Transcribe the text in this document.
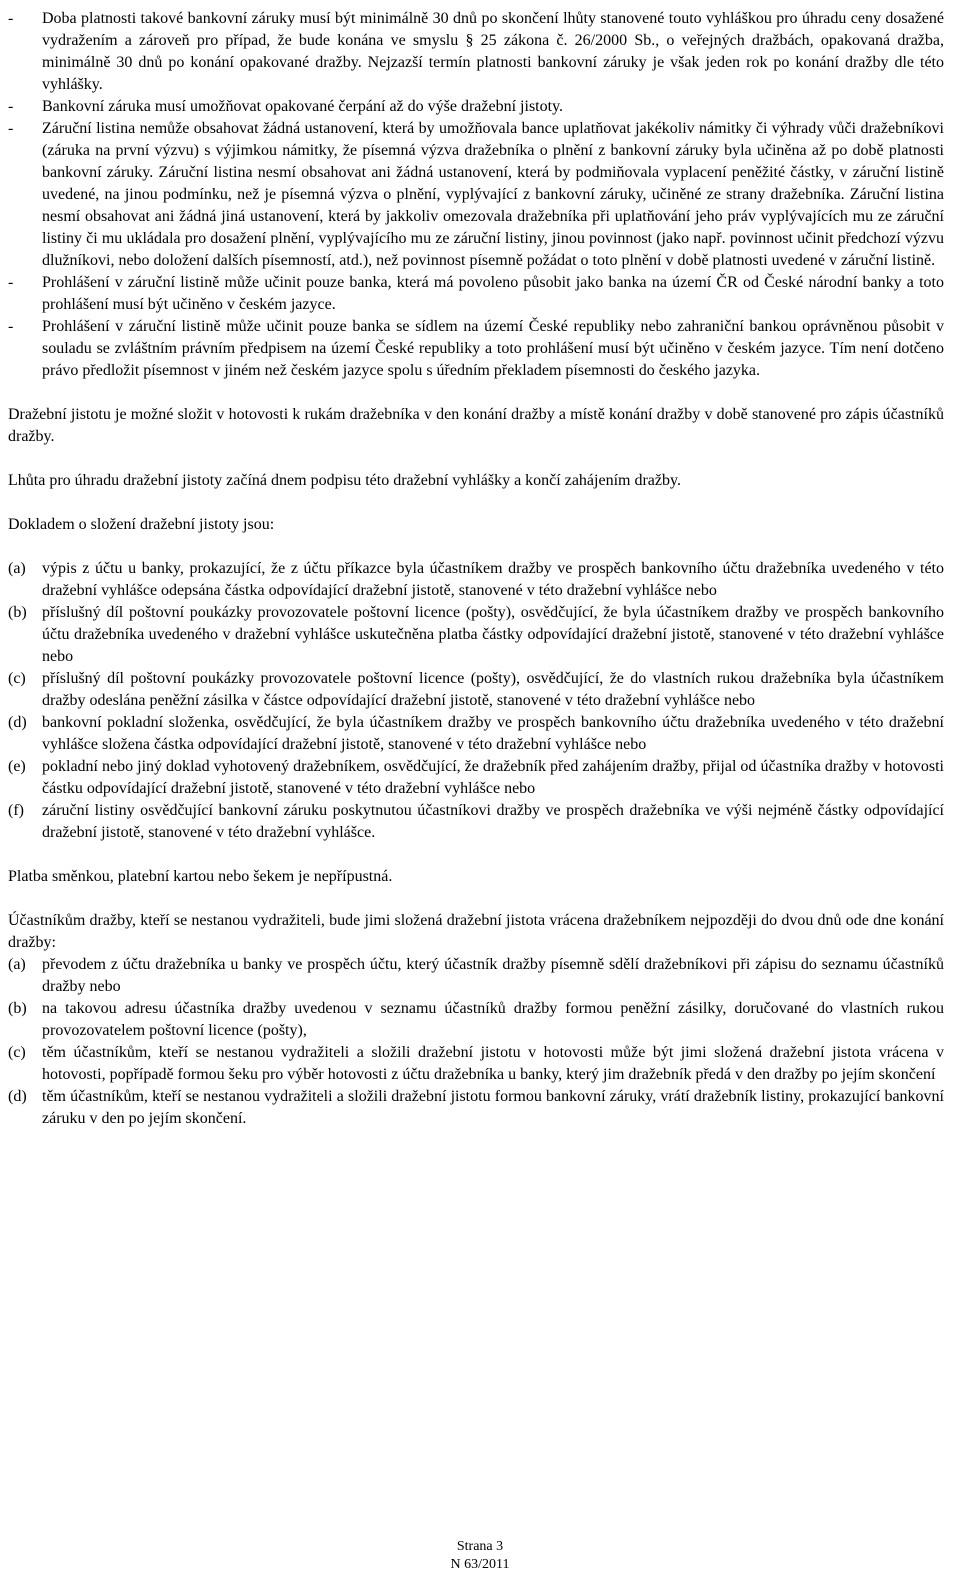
-	Doba platnosti takové bankovní záruky musí být minimálně 30 dnů po skončení lhůty stanovené touto vyhláškou pro úhradu ceny dosažené vydražením a zároveň pro případ, že bude konána ve smyslu § 25 zákona č. 26/2000 Sb., o veřejných dražbách, opakovaná dražba, minimálně 30 dnů po konání opakované dražby. Nejzazší termín platnosti bankovní záruky je však jeden rok po konání dražby dle této vyhlášky.
-	Bankovní záruka musí umožňovat opakované čerpání až do výše dražební jistoty.
-	Záruční listina nemůže obsahovat žádná ustanovení, která by umožňovala bance uplatňovat jakékoliv námitky či výhrady vůči dražebníkovi (záruka na první výzvu) s výjimkou námitky, že písemná výzva dražebníka o plnění z bankovní záruky byla učiněna až po době platnosti bankovní záruky. Záruční listina nesmí obsahovat ani žádná ustanovení, která by podmiňovala vyplacení peněžité částky, v záruční listině uvedené, na jinou podmínku, než je písemná výzva o plnění, vyplývající z bankovní záruky, učiněné ze strany dražebníka. Záruční listina nesmí obsahovat ani žádná jiná ustanovení, která by jakkoliv omezovala dražebníka při uplatňování jeho práv vyplývajících mu ze záruční listiny či mu ukládala pro dosažení plnění, vyplývajícího mu ze záruční listiny, jinou povinnost (jako např. povinnost učinit předchozí výzvu dlužníkovi, nebo doložení dalších písemností, atd.), než povinnost písemně požádat o toto plnění v době platnosti uvedené v záruční listině.
-	Prohlášení v záruční listině může učinit pouze banka, která má povoleno působit jako banka na území ČR od České národní banky a toto prohlášení musí být učiněno v českém jazyce.
-	Prohlášení v záruční listině může učinit pouze banka se sídlem na území České republiky nebo zahraniční bankou oprávněnou působit v souladu se zvláštním právním předpisem na území České republiky a toto prohlášení musí být učiněno v českém jazyce. Tím není dotčeno právo předložit písemnost v jiném než českém jazyce spolu s úředním překladem písemnosti do českého jazyka.

Dražební jistotu je možné složit v hotovosti k rukám dražebníka v den konání dražby a místě konání dražby v době stanovené pro zápis účastníků dražby.

Lhůta pro úhradu dražební jistoty začíná dnem podpisu této dražební vyhlášky a končí zahájením dražby.

Dokladem o složení dražební jistoty jsou:

(a)	výpis z účtu u banky, prokazující, že z účtu příkazce byla účastníkem dražby ve prospěch bankovního účtu dražebníka uvedeného v této dražební vyhlášce odepsána částka odpovídající dražební jistotě, stanovené v této dražební vyhlášce nebo
(b) příslušný díl poštovní poukázky provozovatele poštovní licence (pošty), osvědčující, že byla účastníkem dražby ve prospěch bankovního účtu dražebníka uvedeného v dražební vyhlášce uskutečněna platba částky odpovídající dražební jistotě, stanovené v této dražební vyhlášce nebo
(c)	příslušný díl poštovní poukázky provozovatele poštovní licence (pošty), osvědčující, že do vlastních rukou dražebníka byla účastníkem dražby odeslána peněžní zásilka v částce odpovídající dražební jistotě, stanovené v této dražební vyhlášce nebo
(d) bankovní pokladní složenka, osvědčující, že byla účastníkem dražby ve prospěch bankovního účtu dražebníka uvedeného v této dražební vyhlášce složena částka odpovídající dražební jistotě, stanovené v této dražební vyhlášce nebo
(e)	pokladní nebo jiný doklad vyhotovený dražebníkem, osvědčující, že dražebník před zahájením dražby, přijal od účastníka dražby v hotovosti částku odpovídající dražební jistotě, stanovené v této dražební vyhlášce nebo
(f)	záruční listiny osvědčující bankovní záruku poskytnutou účastníkovi dražby ve prospěch dražebníka ve výši nejméně částky odpovídající dražební jistotě, stanovené v této dražební vyhlášce.

Platba směnkou, platební kartou nebo šekem je nepřípustná.

Účastníkům dražby, kteří se nestanou vydražiteli, bude jimi složená dražební jistota vrácena dražebníkem nejpozději do dvou dnů ode dne konání dražby:

(a)	převodem z účtu dražebníka u banky ve prospěch účtu, který účastník dražby písemně sdělí dražebníkovi při zápisu do seznamu účastníků dražby nebo
(b) na takovou adresu účastníka dražby uvedenou v seznamu účastníků dražby formou peněžní zásilky, doručované do vlastních rukou provozovatelem poštovní licence (pošty),
(c)	těm účastníkům, kteří se nestanou vydražiteli a složili dražební jistotu v hotovosti může být jimi složená dražební jistota vrácena v hotovosti, popřípadě formou šeku pro výběr hotovosti z účtu dražebníka u banky, který jim dražebník předá v den dražby po jejím skončení
(d) těm účastníkům, kteří se nestanou vydražiteli a složili dražební jistotu formou bankovní záruky, vrátí dražebník listiny, prokazující bankovní záruku v den po jejím skončení.
Strana 3
N 63/2011
